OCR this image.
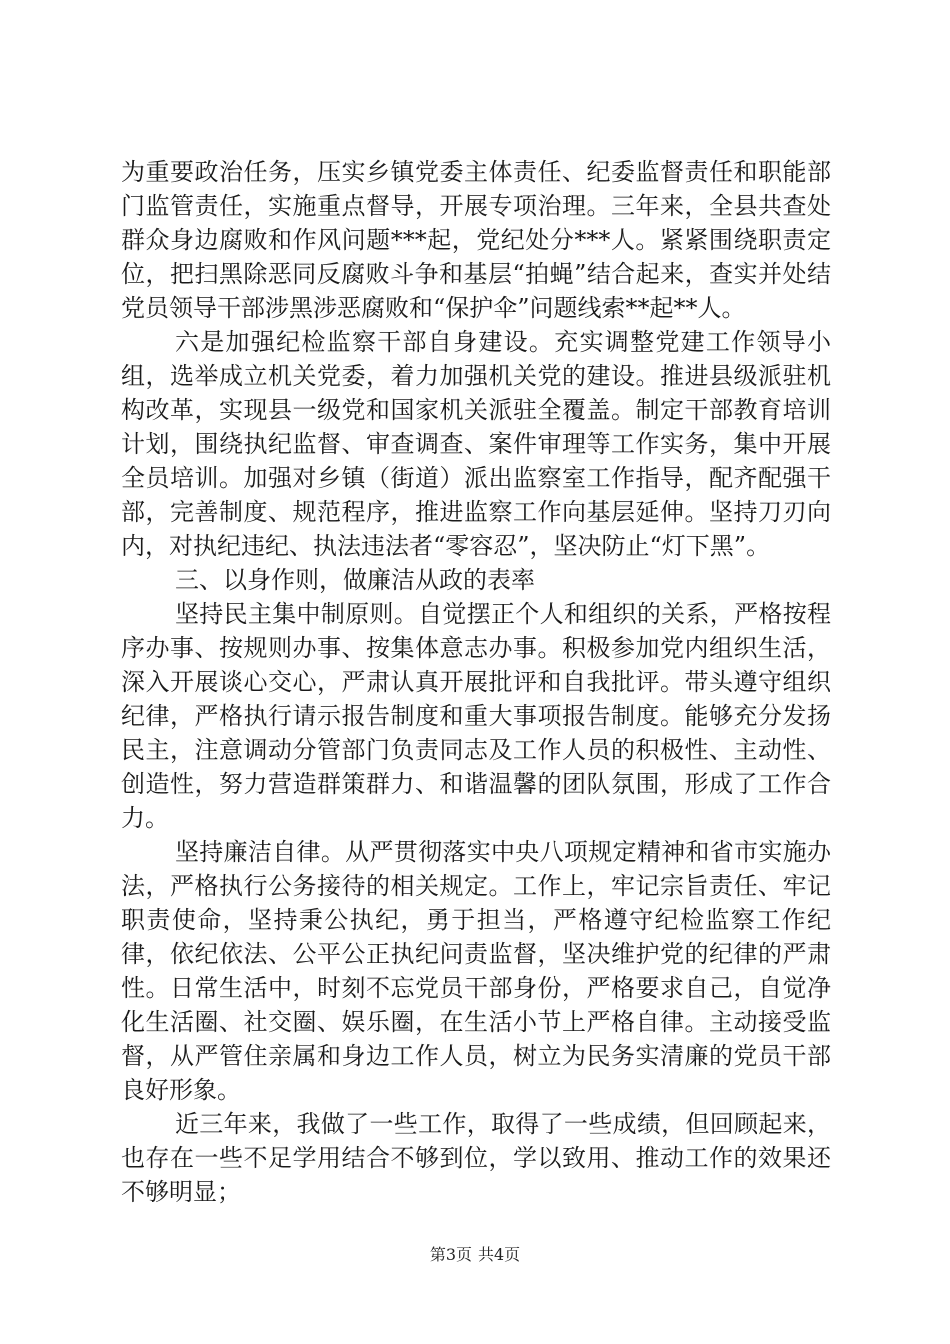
为重要政治任务，压实乡镇党委主体责任、纪委监督责任和职能部门监管责任，实施重点督导，开展专项治理。三年来，全县共查处群众身边腐败和作风问题***起，党纪处分***人。紧紧围绕职责定位，把扫黑除恶同反腐败斗争和基层“拍蝇”结合起来，查实并处结党员领导干部涉黑涉恶腐败和“保护伞”问题线索**起**人。

六是加强纪检监察干部自身建设。充实调整党建工作领导小组，选举成立机关党委，着力加强机关党的建设。推进县级派驻机构改革，实现县一级党和国家机关派驻全覆盖。制定干部教育培训计划，围绕执纪监督、审查调查、案件审理等工作实务，集中开展全员培训。加强对乡镇（街道）派出监察室工作指导，配齐配强干部，完善制度、规范程序，推进监察工作向基层延伸。坚持刀刃向内，对执纪违纪、执法违法者“零容忍”，坚决防止“灯下黑”。

三、以身作则，做廉洁从政的表率

坚持民主集中制原则。自觉摆正个人和组织的关系，严格按程序办事、按规则办事、按集体意志办事。积极参加党内组织生活，深入开展谈心交心，严肃认真开展批评和自我批评。带头遵守组织纪律，严格执行请示报告制度和重大事项报告制度。能够充分发扬民主，注意调动分管部门负责同志及工作人员的积极性、主动性、创造性，努力营造群策群力、和谐温馨的团队氛围，形成了工作合力。

坚持廉洁自律。从严贯彻落实中央八项规定精神和省市实施办法，严格执行公务接待的相关规定。工作上，牢记宗旨责任、牢记职责使命，坚持秉公执纪，勇于担当，严格遵守纪检监察工作纪律，依纪依法、公平公正执纪问责监督，坚决维护党的纪律的严肃性。日常生活中，时刻不忘党员干部身份，严格要求自己，自觉净化生活圈、社交圈、娱乐圈，在生活小节上严格自律。主动接受监督，从严管住亲属和身边工作人员，树立为民务实清廉的党员干部良好形象。

近三年来，我做了一些工作，取得了一些成绩，但回顾起来，也存在一些不足学用结合不够到位，学以致用、推动工作的效果还不够明显；

第3页 共4页
